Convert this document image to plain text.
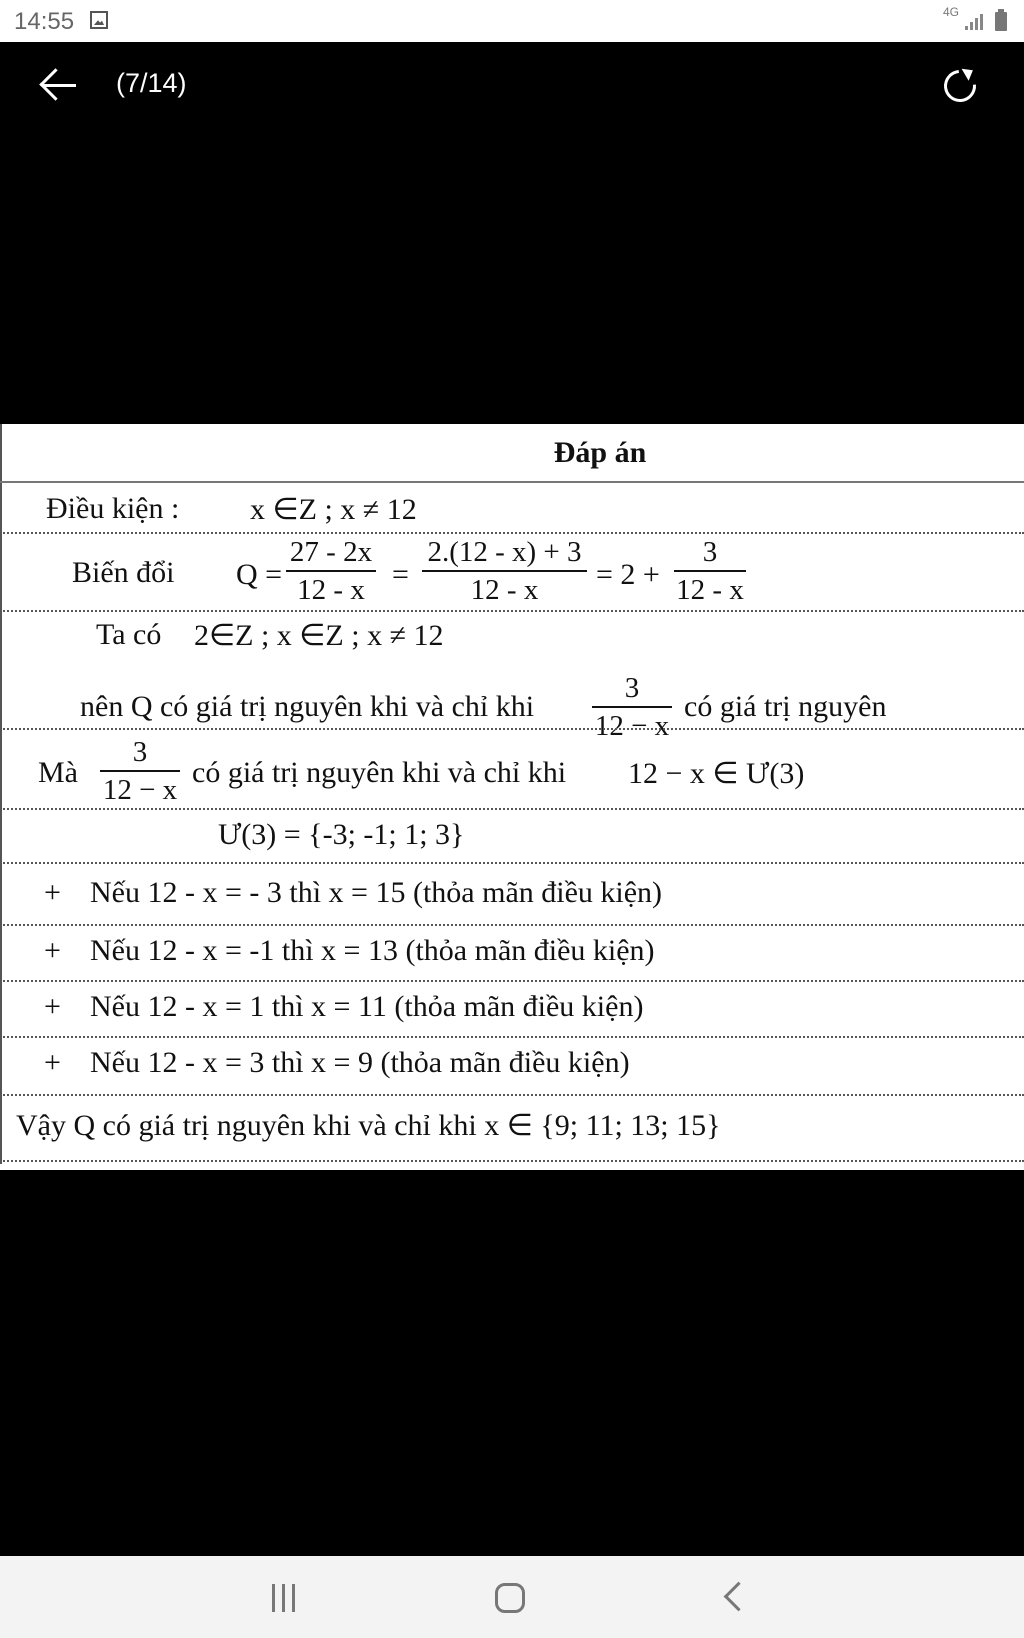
14:55	4G
(7/14)
Đáp án
Điều kiện : x ∈Z ; x ≠ 12
Biến đổi Q =
27 - 2x
12 - x =
2.(12 - x) + 3
12 - x	= 2 +
3
12 - x
Ta có 2∈Z ; x ∈Z ; x ≠ 12
nên Q có giá trị nguyên khi và chỉ khi
3
12 − x
có giá trị nguyên
Mà
3
12 − x
có giá trị nguyên khi và chỉ khi 12 − x ∈ Ư(3)
Ư(3) = {-3; -1; 1; 3}
+ Nếu 12 - x = - 3 thì x = 15 (thỏa mãn điều kiện)
+ Nếu 12 - x = -1 thì x = 13 (thỏa mãn điều kiện)
+ Nếu 12 - x = 1 thì x = 11 (thỏa mãn điều kiện)
+ Nếu 12 - x = 3 thì x = 9 (thỏa mãn điều kiện)
Vậy Q có giá trị nguyên khi và chỉ khi x ∈ {9; 11; 13; 15}
